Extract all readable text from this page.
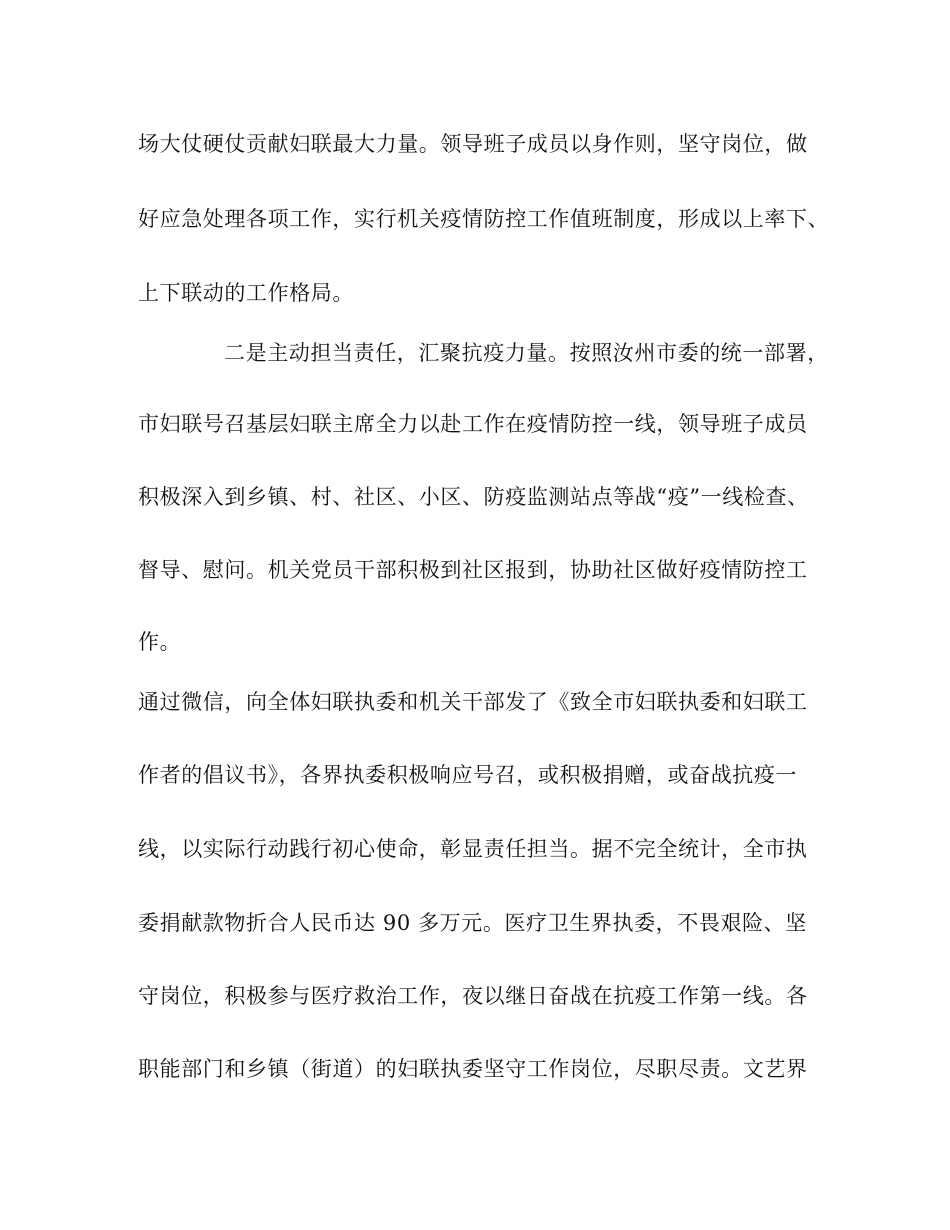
场大仗硬仗贡献妇联最大力量。领导班子成员以身作则，坚守岗位，做

好应急处理各项工作，实行机关疫情防控工作值班制度，形成以上率下、

上下联动的工作格局。

二是主动担当责任，汇聚抗疫力量。按照汝州市委的统一部署，

市妇联号召基层妇联主席全力以赴工作在疫情防控一线，领导班子成员

积极深入到乡镇、村、社区、小区、防疫监测站点等战“疫”一线检查、

督导、慰问。机关党员干部积极到社区报到，协助社区做好疫情防控工

作。

通过微信，向全体妇联执委和机关干部发了《致全市妇联执委和妇联工

作者的倡议书》，各界执委积极响应号召，或积极捐赠，或奋战抗疫一

线，以实际行动践行初心使命，彰显责任担当。据不完全统计，全市执

委捐献款物折合人民币达 90 多万元。医疗卫生界执委，不畏艰险、坚

守岗位，积极参与医疗救治工作，夜以继日奋战在抗疫工作第一线。各

职能部门和乡镇（街道）的妇联执委坚守工作岗位，尽职尽责。文艺界
